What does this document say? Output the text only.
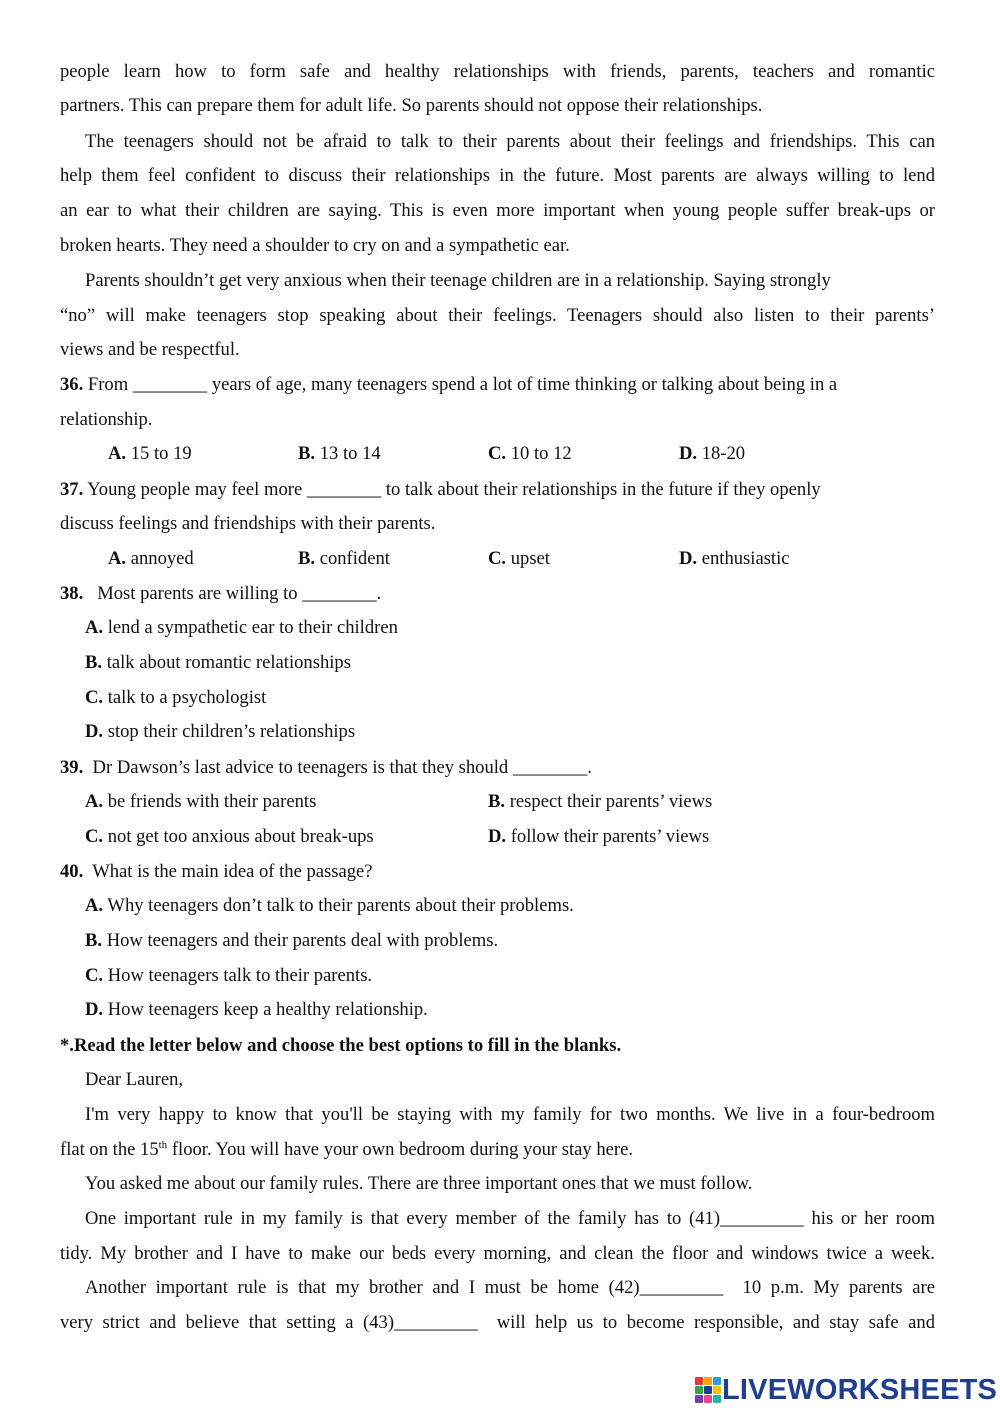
people learn how to form safe and healthy relationships with friends, parents, teachers and romantic
partners. This can prepare them for adult life. So parents should not oppose their relationships.
The teenagers should not be afraid to talk to their parents about their feelings and friendships. This can
help them feel confident to discuss their relationships in the future. Most parents are always willing to lend
an ear to what their children are saying. This is even more important when young people suffer break-ups or
broken hearts. They need a shoulder to cry on and a sympathetic ear.
Parents shouldn’t get very anxious when their teenage children are in a relationship. Saying strongly
“no” will make teenagers stop speaking about their feelings. Teenagers should also listen to their parents’
views and be respectful.
36. From ________ years of age, many teenagers spend a lot of time thinking or talking about being in a
relationship.
A. 15 to 19	B. 13 to 14	C. 10 to 12	D. 18-20
37. Young people may feel more ________ to talk about their relationships in the future if they openly
discuss feelings and friendships with their parents.
A. annoyed	B. confident	C. upset	D. enthusiastic
38.   Most parents are willing to ________.
A. lend a sympathetic ear to their children
B. talk about romantic relationships
C. talk to a psychologist
D. stop their children’s relationships
39.  Dr Dawson’s last advice to teenagers is that they should ________.
A. be friends with their parents	B. respect their parents’ views
C. not get too anxious about break-ups	D. follow their parents’ views
40.  What is the main idea of the passage?
A. Why teenagers don’t talk to their parents about their problems.
B. How teenagers and their parents deal with problems.
C. How teenagers talk to their parents.
D. How teenagers keep a healthy relationship.
*.Read the letter below and choose the best options to fill in the blanks.
Dear Lauren,
I'm very happy to know that you'll be staying with my family for two months. We live in a four-bedroom
flat on the 15th floor. You will have your own bedroom during your stay here.
You asked me about our family rules. There are three important ones that we must follow.
One important rule in my family is that every member of the family has to (41)_________ his or her room
tidy. My brother and I have to make our beds every morning, and clean the floor and windows twice a week.
Another important rule is that my brother and I must be home (42)_________  10 p.m. My parents are
very strict and believe that setting a (43)_________  will help us to become responsible, and stay safe and
LIVEWORKSHEETS
